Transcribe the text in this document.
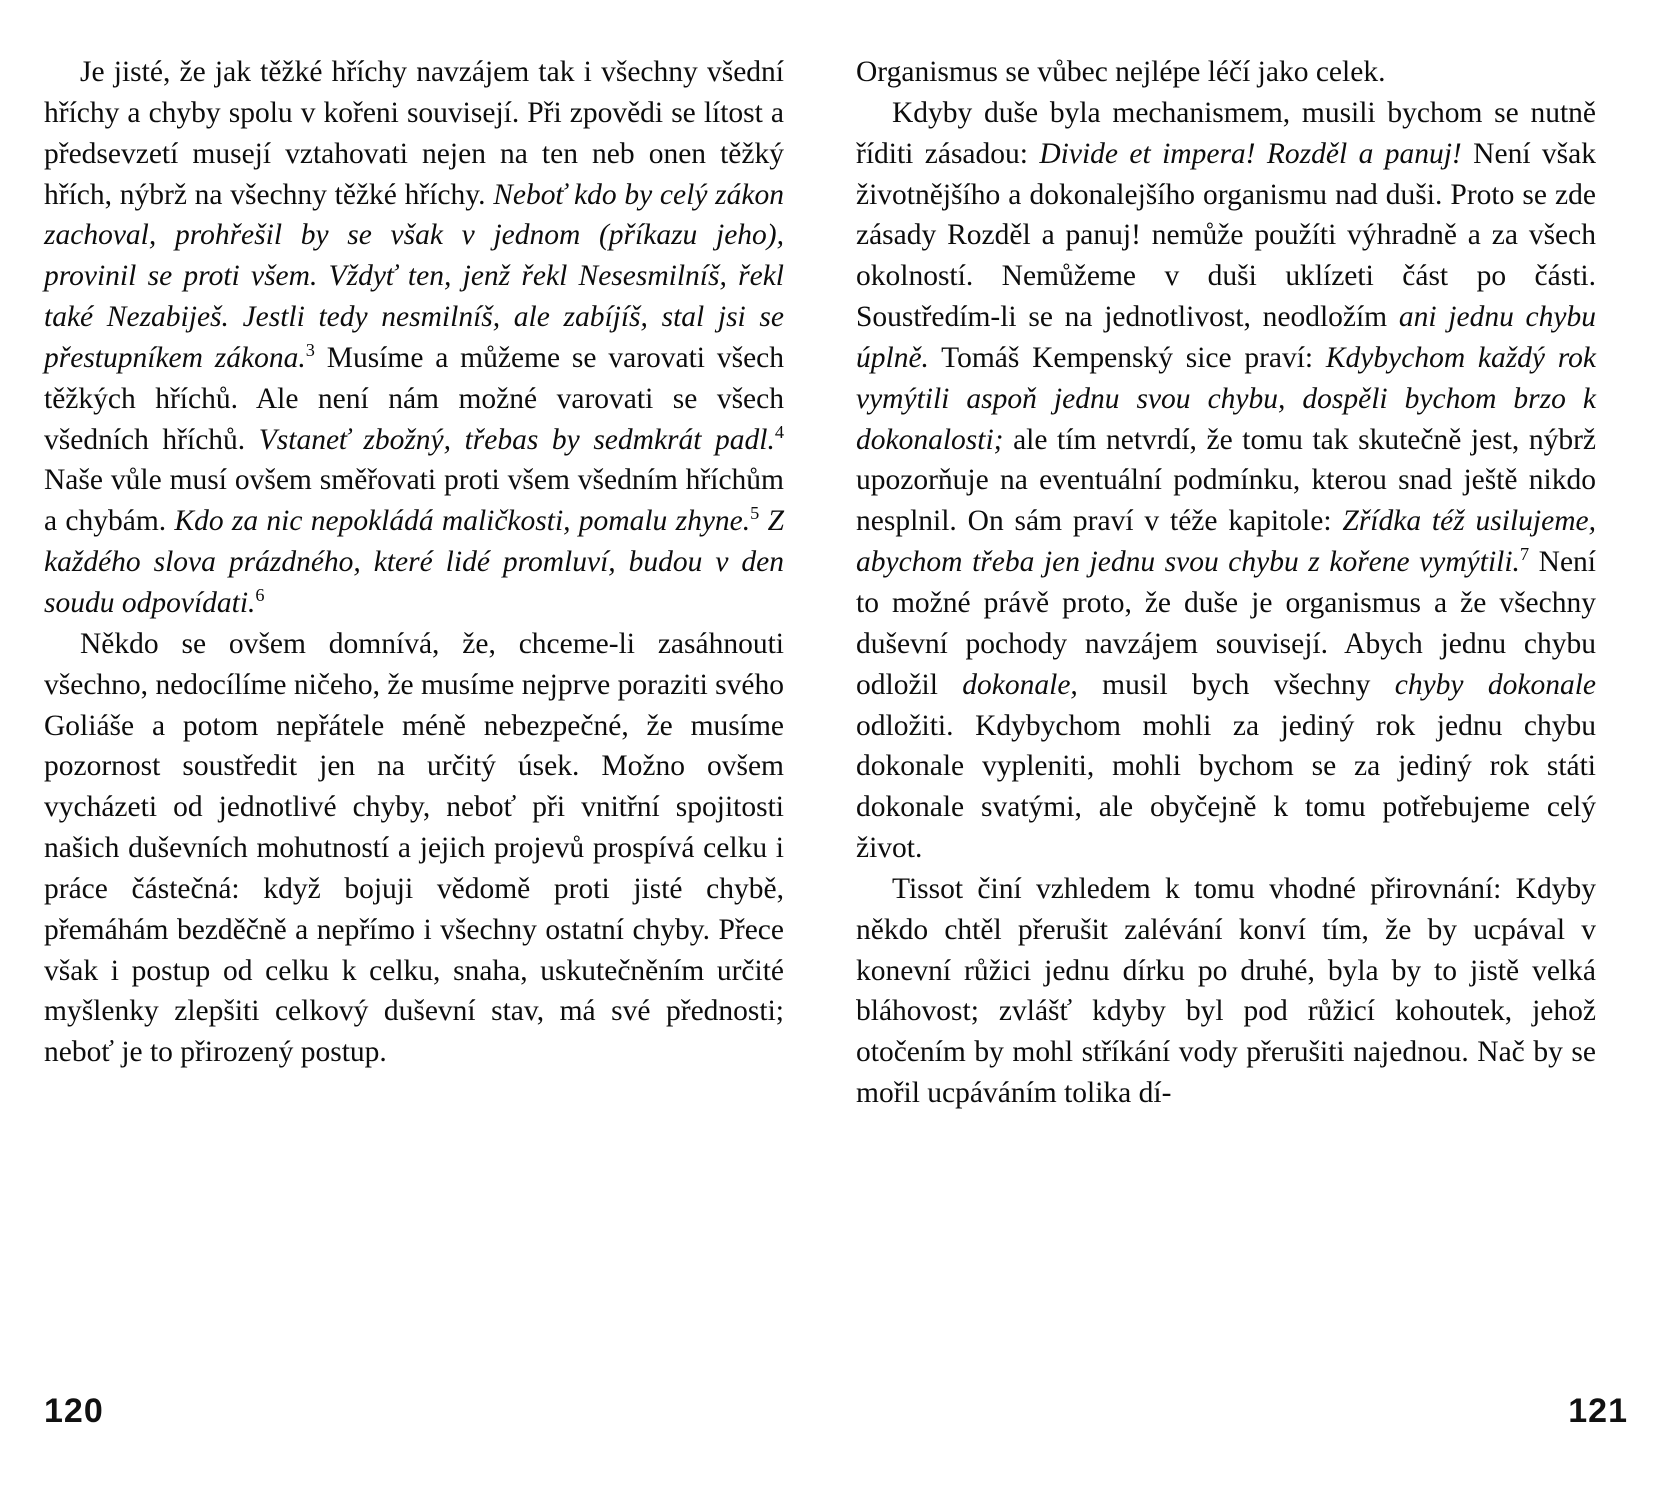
Je jisté, že jak těžké hříchy navzájem tak i všechny všední hříchy a chyby spolu v kořeni souvisejí. Při zpovědi se lítost a předsevzetí musejí vztahovati nejen na ten neb onen těžký hřích, nýbrž na všechny těžké hříchy. Neboť kdo by celý zákon zachoval, prohřešil by se však v jednom (příkazu jeho), provinil se proti všem. Vždyť ten, jenž řekl Nesesmilníš, řekl také Nezabiješ. Jestli tedy nesmilníš, ale zabíjíš, stal jsi se přestupníkem zákona.$^3$ Musíme a můžeme se varovati všech těžkých hříchů. Ale není nám možné varovati se všech všedních hříchů. Vstaneť zbožný, třebas by sedmkrát padl.$^4$ Naše vůle musí ovšem směřovati proti všem všedním hříchům a chybám. Kdo za nic nepokládá maličkosti, pomalu zhyne.$^5$ Z každého slova prázdného, které lidé promluví, budou v den soudu odpovídati.$^6$

Někdo se ovšem domnívá, že, chceme-li zasáhnouti všechno, nedocílíme ničeho, že musíme nejprve poraziti svého Goliáše a potom nepřátele méně nebezpečné, že musíme pozornost soustředit jen na určitý úsek. Možno ovšem vycházeti od jednotlivé chyby, neboť při vnitřní spojitosti našich duševních mohutností a jejich projevů prospívá celku i práce částečná: když bojuji vědomě proti jisté chybě, přemáhám bezděčně a nepřímo i všechny ostatní chyby. Přece však i postup od celku k celku, snaha, uskutečněním určité myšlenky zlepšiti celkový duševní stav, má své přednosti; neboť je to přirozený postup.

Organismus se vůbec nejlépe léčí jako celek.

Kdyby duše byla mechanismem, musili bychom se nutně říditi zásadou: Divide et impera! Rozděl a panuj! Není však životnějšího a dokonalejšího organismu nad duši. Proto se zde zásady Rozděl a panuj! nemůže použíti výhradně a za všech okolností. Nemůžeme v duši uklízeti část po části. Soustředím-li se na jednotlivost, neodložím ani jednu chybu úplně. Tomáš Kempenský sice praví: Kdybychom každý rok vymýtili aspoň jednu svou chybu, dospěli bychom brzo k dokonalosti; ale tím netvrdí, že tomu tak skutečně jest, nýbrž upozorňuje na eventuální podmínku, kterou snad ještě nikdo nesplnil. On sám praví v téže kapitole: Zřídka též usilujeme, abychom třeba jen jednu svou chybu z kořene vymýtili.$^7$ Není to možné právě proto, že duše je organismus a že všechny duševní pochody navzájem souvisejí. Abych jednu chybu odložil dokonale, musil bych všechny chyby dokonale odložiti. Kdybychom mohli za jediný rok jednu chybu dokonale vypleniti, mohli bychom se za jediný rok státi dokonale svatými, ale obyčejně k tomu potřebujeme celý život.

Tissot činí vzhledem k tomu vhodné přirovnání: Kdyby někdo chtěl přerušit zalévání konví tím, že by ucpával v konevní růžici jednu dírku po druhé, byla by to jistě velká bláhovost; zvlášť kdyby byl pod růžicí kohoutek, jehož otočením by mohl stříkání vody přerušiti najednou. Nač by se mořil ucpáváním tolika dí-

120	121
